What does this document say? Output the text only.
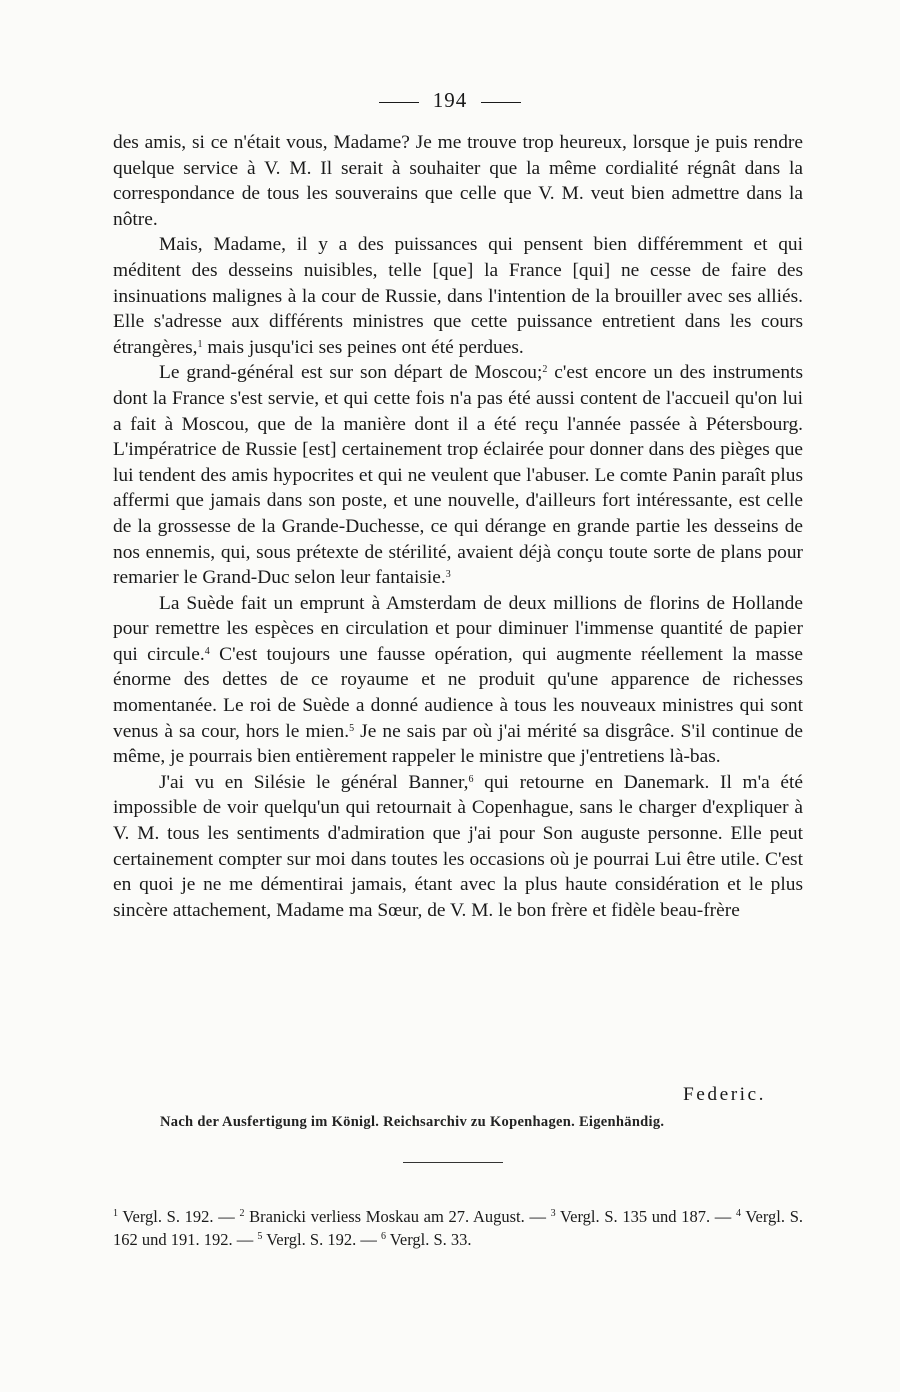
194

des amis, si ce n'était vous, Madame? Je me trouve trop heureux, lorsque je puis rendre quelque service à V. M. Il serait à souhaiter que la même cordialité régnât dans la correspondance de tous les souverains que celle que V. M. veut bien admettre dans la nôtre.

Mais, Madame, il y a des puissances qui pensent bien différemment et qui méditent des desseins nuisibles, telle [que] la France [qui] ne cesse de faire des insinuations malignes à la cour de Russie, dans l'intention de la brouiller avec ses alliés. Elle s'adresse aux différents ministres que cette puissance entretient dans les cours étrangères,$^1$ mais jusqu'ici ses peines ont été perdues.

Le grand-général est sur son départ de Moscou;$^2$ c'est encore un des instruments dont la France s'est servie, et qui cette fois n'a pas été aussi content de l'accueil qu'on lui a fait à Moscou, que de la manière dont il a été reçu l'année passée à Pétersbourg. L'impératrice de Russie [est] certainement trop éclairée pour donner dans des pièges que lui tendent des amis hypocrites et qui ne veulent que l'abuser. Le comte Panin paraît plus affermi que jamais dans son poste, et une nouvelle, d'ailleurs fort intéressante, est celle de la grossesse de la Grande-Duchesse, ce qui dérange en grande partie les desseins de nos ennemis, qui, sous prétexte de stérilité, avaient déjà conçu toute sorte de plans pour remarier le Grand-Duc selon leur fantaisie.$^3$

La Suède fait un emprunt à Amsterdam de deux millions de florins de Hollande pour remettre les espèces en circulation et pour diminuer l'immense quantité de papier qui circule.$^4$ C'est toujours une fausse opération, qui augmente réellement la masse énorme des dettes de ce royaume et ne produit qu'une apparence de richesses momentanée. Le roi de Suède a donné audience à tous les nouveaux ministres qui sont venus à sa cour, hors le mien.$^5$ Je ne sais par où j'ai mérité sa disgrâce. S'il continue de même, je pourrais bien entièrement rappeler le ministre que j'entretiens là-bas.

J'ai vu en Silésie le général Banner,$^6$ qui retourne en Danemark. Il m'a été impossible de voir quelqu'un qui retournait à Copenhague, sans le charger d'expliquer à V. M. tous les sentiments d'admiration que j'ai pour Son auguste personne. Elle peut certainement compter sur moi dans toutes les occasions où je pourrai Lui être utile. C'est en quoi je ne me démentirai jamais, étant avec la plus haute considération et le plus sincère attachement, Madame ma Sœur, de V. M. le bon frère et fidèle beau-frère

Federic.
Nach der Ausfertigung im Königl. Reichsarchiv zu Kopenhagen. Eigenhändig.
$^1$ Vergl. S. 192. — $^2$ Branicki verliess Moskau am 27. August. — $^3$ Vergl. S. 135 und 187. — $^4$ Vergl. S. 162 und 191. 192. — $^5$ Vergl. S. 192. — $^6$ Vergl. S. 33.
